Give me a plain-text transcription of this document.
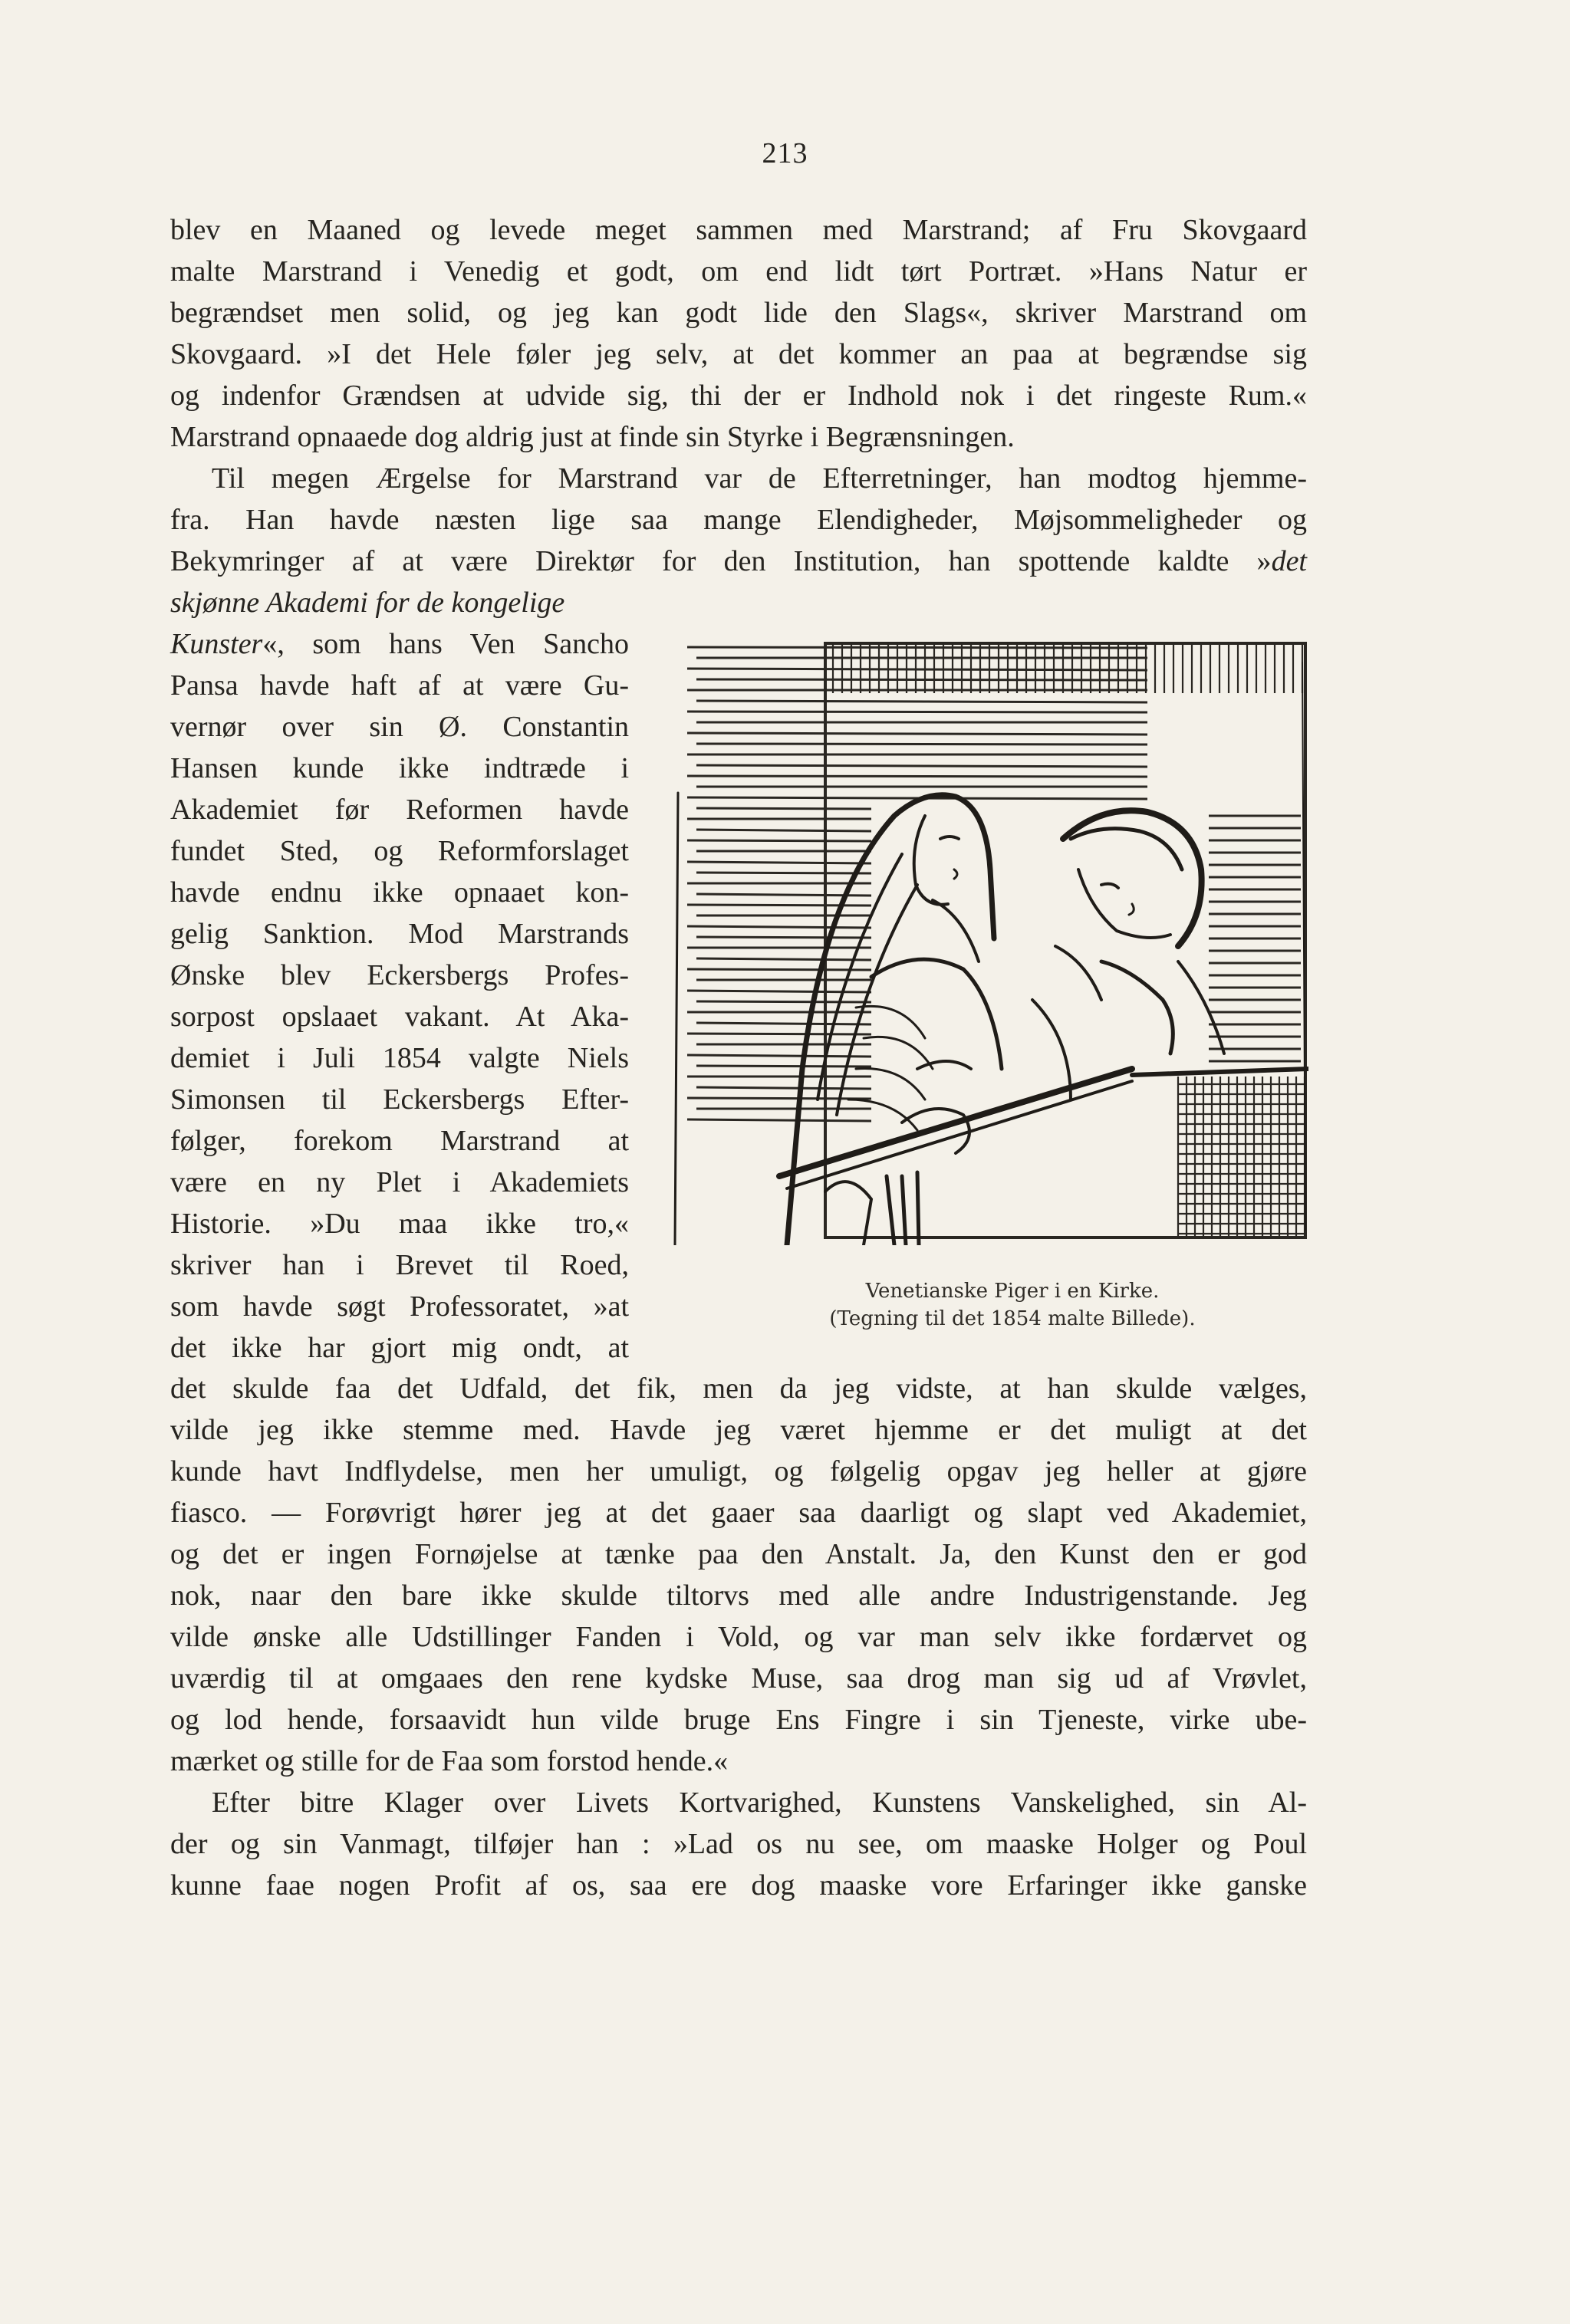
213
blev en Maaned og levede meget sammen med Marstrand; af Fru Skovgaard
malte Marstrand i Venedig et godt, om end lidt tørt Portræt. »Hans Natur er
begrændset men solid, og jeg kan godt lide den Slags«, skriver Marstrand om
Skovgaard. »I det Hele føler jeg selv, at det kommer an paa at begrændse sig
og indenfor Grændsen at udvide sig, thi der er Indhold nok i det ringeste Rum.«
Marstrand opnaaede dog aldrig just at finde sin Styrke i Begrænsningen.
Til megen Ærgelse for Marstrand var de Efterretninger, han modtog hjemme-
fra. Han havde næsten lige saa mange Elendigheder, Møjsommeligheder og
Bekymringer af at være Direktør for den Institution, han spottende kaldte »det
skjønne Akademi for de kongelige
Kunster«, som hans Ven Sancho
Pansa havde haft af at være Gu-
vernør over sin Ø. Constantin
Hansen kunde ikke indtræde i
Akademiet før Reformen havde
fundet Sted, og Reformforslaget
havde endnu ikke opnaaet kon-
gelig Sanktion. Mod Marstrands
Ønske blev Eckersbergs Profes-
sorpost opslaaet vakant. At Aka-
demiet i Juli 1854 valgte Niels
Simonsen til Eckersbergs Efter-
følger, forekom Marstrand at
være en ny Plet i Akademiets
Historie. »Du maa ikke tro,«
skriver han i Brevet til Roed,
som havde søgt Professoratet, »at
det ikke har gjort mig ondt, at
det skulde faa det Udfald, det fik, men da jeg vidste, at han skulde vælges,
vilde jeg ikke stemme med. Havde jeg været hjemme er det muligt at det
kunde havt Indflydelse, men her umuligt, og følgelig opgav jeg heller at gjøre
fiasco. — Forøvrigt hører jeg at det gaaer saa daarligt og slapt ved Akademiet,
og det er ingen Fornøjelse at tænke paa den Anstalt. Ja, den Kunst den er god
nok, naar den bare ikke skulde tiltorvs med alle andre Industrigenstande. Jeg
vilde ønske alle Udstillinger Fanden i Vold, og var man selv ikke fordærvet og
uværdig til at omgaaes den rene kydske Muse, saa drog man sig ud af Vrøvlet,
og lod hende, forsaavidt hun vilde bruge Ens Fingre i sin Tjeneste, virke ube-
mærket og stille for de Faa som forstod hende.«
Efter bitre Klager over Livets Kortvarighed, Kunstens Vanskelighed, sin Al-
der og sin Vanmagt, tilføjer han : »Lad os nu see, om maaske Holger og Poul
kunne faae nogen Profit af os, saa ere dog maaske vore Erfaringer ikke ganske
Venetianske Piger i en Kirke.
(Tegning til det 1854 malte Billede).
